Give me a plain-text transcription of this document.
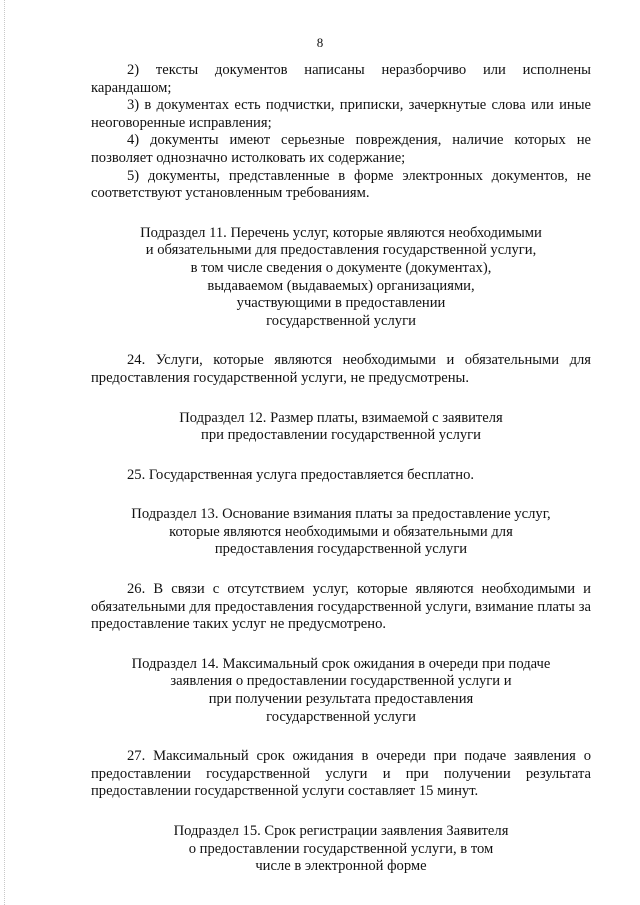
8

2) тексты документов написаны неразборчиво или исполнены карандашом;

3) в документах есть подчистки, приписки, зачеркнутые слова или иные неоговоренные исправления;

4) документы имеют серьезные повреждения, наличие которых не позволяет однозначно истолковать их содержание;

5) документы, представленные в форме электронных документов, не соответствуют установленным требованиям.

Подраздел 11. Перечень услуг, которые являются необходимыми
и обязательными для предоставления государственной услуги,
в том числе сведения о документе (документах),
выдаваемом (выдаваемых) организациями,
участвующими в предоставлении
государственной услуги

24. Услуги, которые являются необходимыми и обязательными для предоставления государственной услуги, не предусмотрены.

Подраздел 12. Размер платы, взимаемой с заявителя
при предоставлении государственной услуги

25. Государственная услуга предоставляется бесплатно.

Подраздел 13. Основание взимания платы за предоставление услуг,
которые являются необходимыми и обязательными для
предоставления государственной услуги

26. В связи с отсутствием услуг, которые являются необходимыми и обязательными для предоставления государственной услуги, взимание платы за предоставление таких услуг не предусмотрено.

Подраздел 14. Максимальный срок ожидания в очереди при подаче
заявления о предоставлении государственной услуги и
при получении результата предоставления
государственной услуги

27. Максимальный срок ожидания в очереди при подаче заявления о предоставлении государственной услуги и при получении результата предоставлении государственной услуги составляет 15 минут.

Подраздел 15. Срок регистрации заявления Заявителя
о предоставлении государственной услуги, в том
числе в электронной форме
